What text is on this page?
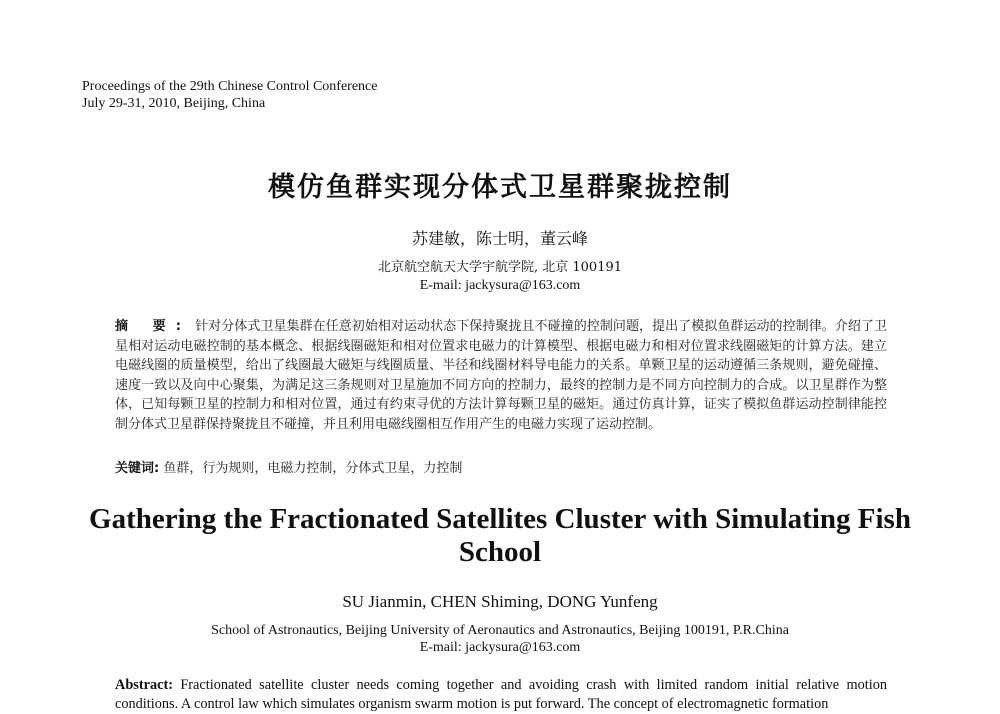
Proceedings of the 29th Chinese Control Conference
July 29-31, 2010, Beijing, China
模仿鱼群实现分体式卫星群聚拢控制
苏建敏，陈士明，董云峰
北京航空航天大学宇航学院, 北京 100191
E-mail: jackysura@163.com
摘 要: 针对分体式卫星集群在任意初始相对运动状态下保持聚拢且不碰撞的控制问题，提出了模拟鱼群运动的控制律。介绍了卫星相对运动电磁控制的基本概念、根据线圈磁矩和相对位置求电磁力的计算模型、根据电磁力和相对位置求线圈磁矩的计算方法。建立电磁线圈的质量模型，给出了线圈最大磁矩与线圈质量、半径和线圈材料导电能力的关系。单颗卫星的运动遵循三条规则，避免碰撞、速度一致以及向中心聚集，为满足这三条规则对卫星施加不同方向的控制力，最终的控制力是不同方向控制力的合成。以卫星群作为整体，已知每颗卫星的控制力和相对位置，通过有约束寻优的方法计算每颗卫星的磁矩。通过仿真计算，证实了模拟鱼群运动控制律能控制分体式卫星群保持聚拢且不碰撞，并且利用电磁线圈相互作用产生的电磁力实现了运动控制。
关键词: 鱼群，行为规则，电磁力控制，分体式卫星，力控制
Gathering the Fractionated Satellites Cluster with Simulating Fish School
SU Jianmin, CHEN Shiming, DONG Yunfeng
School of Astronautics, Beijing University of Aeronautics and Astronautics, Beijing 100191, P.R.China
E-mail: jackysura@163.com
Abstract: Fractionated satellite cluster needs coming together and avoiding crash with limited random initial relative motion conditions. A control law which simulates organism swarm motion is put forward. The concept of electromagnetic formation
